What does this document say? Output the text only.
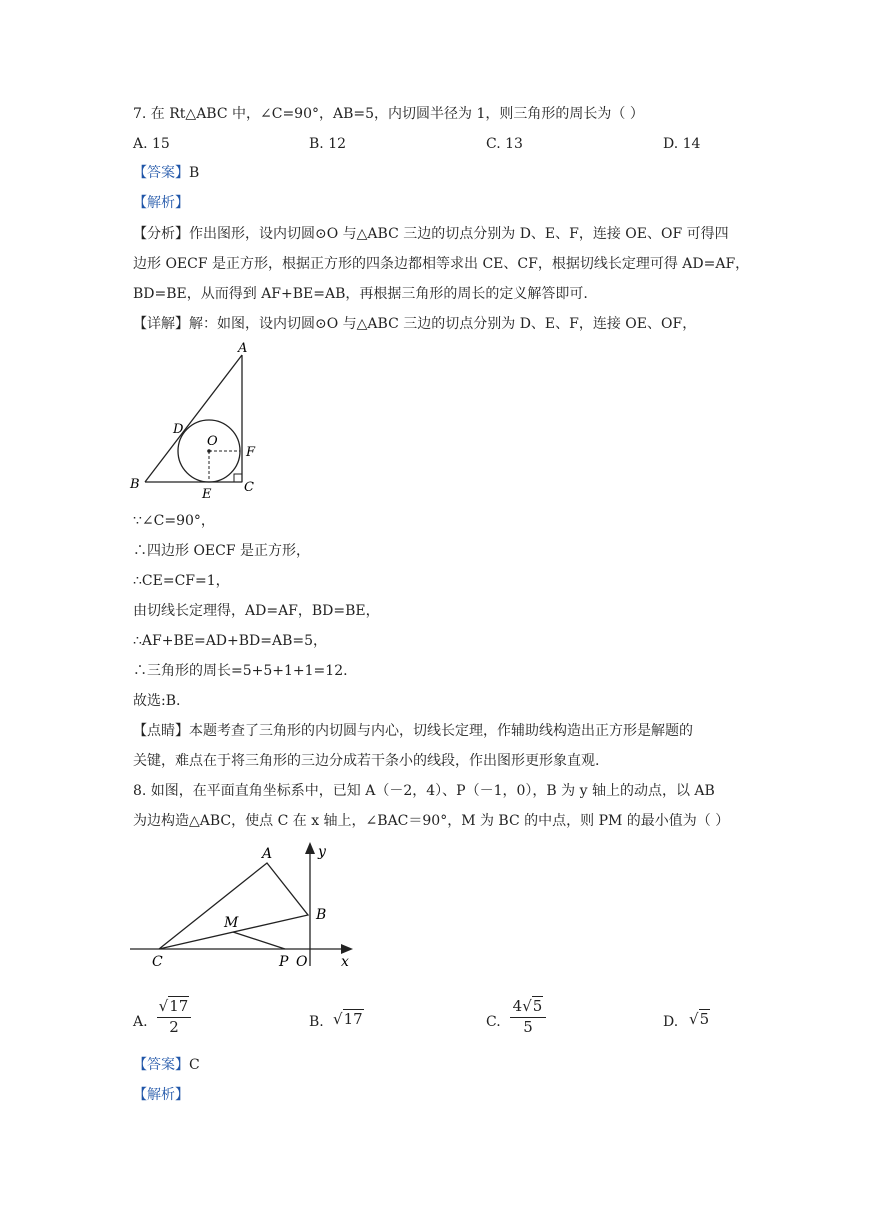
7. 在 Rt△ABC 中，∠C=90°，AB=5，内切圆半径为 1，则三角形的周长为（ ）
A. 15	B. 12	C. 13	D. 14
【答案】B
【解析】
【分析】作出图形，设内切圆⊙O 与△ABC 三边的切点分别为 D、E、F，连接 OE、OF 可得四
边形 OECF 是正方形，根据正方形的四条边都相等求出 CE、CF，根据切线长定理可得 AD=AF，
BD=BE，从而得到 AF+BE=AB，再根据三角形的周长的定义解答即可.
【详解】解：如图，设内切圆⊙O 与△ABC 三边的切点分别为 D、E、F，连接 OE、OF，
A
D
O
F
B
E	C
∵∠C=90°，
∴四边形 OECF 是正方形，
∴CE=CF=1，
由切线长定理得，AD=AF，BD=BE，
∴AF+BE=AD+BD=AB=5，
∴三角形的周长=5+5+1+1=12.
故选:B.
【点睛】本题考查了三角形的内切圆与内心，切线长定理，作辅助线构造出正方形是解题的
关键，难点在于将三角形的三边分成若干条小的线段，作出图形更形象直观.
8. 如图，在平面直角坐标系中，已知 A（－2，4）、P（－1，0），B 为 y 轴上的动点，以 AB
为边构造△ABC，使点 C 在 x 轴上，∠BAC＝90°，M 为 BC 的中点，则 PM 的最小值为（ ）
A	y
B
M
C	P O x
A. $\frac{√17}{2}$	B. √17	C. $\frac{4√5}{5}$	D. √5
【答案】C
【解析】
